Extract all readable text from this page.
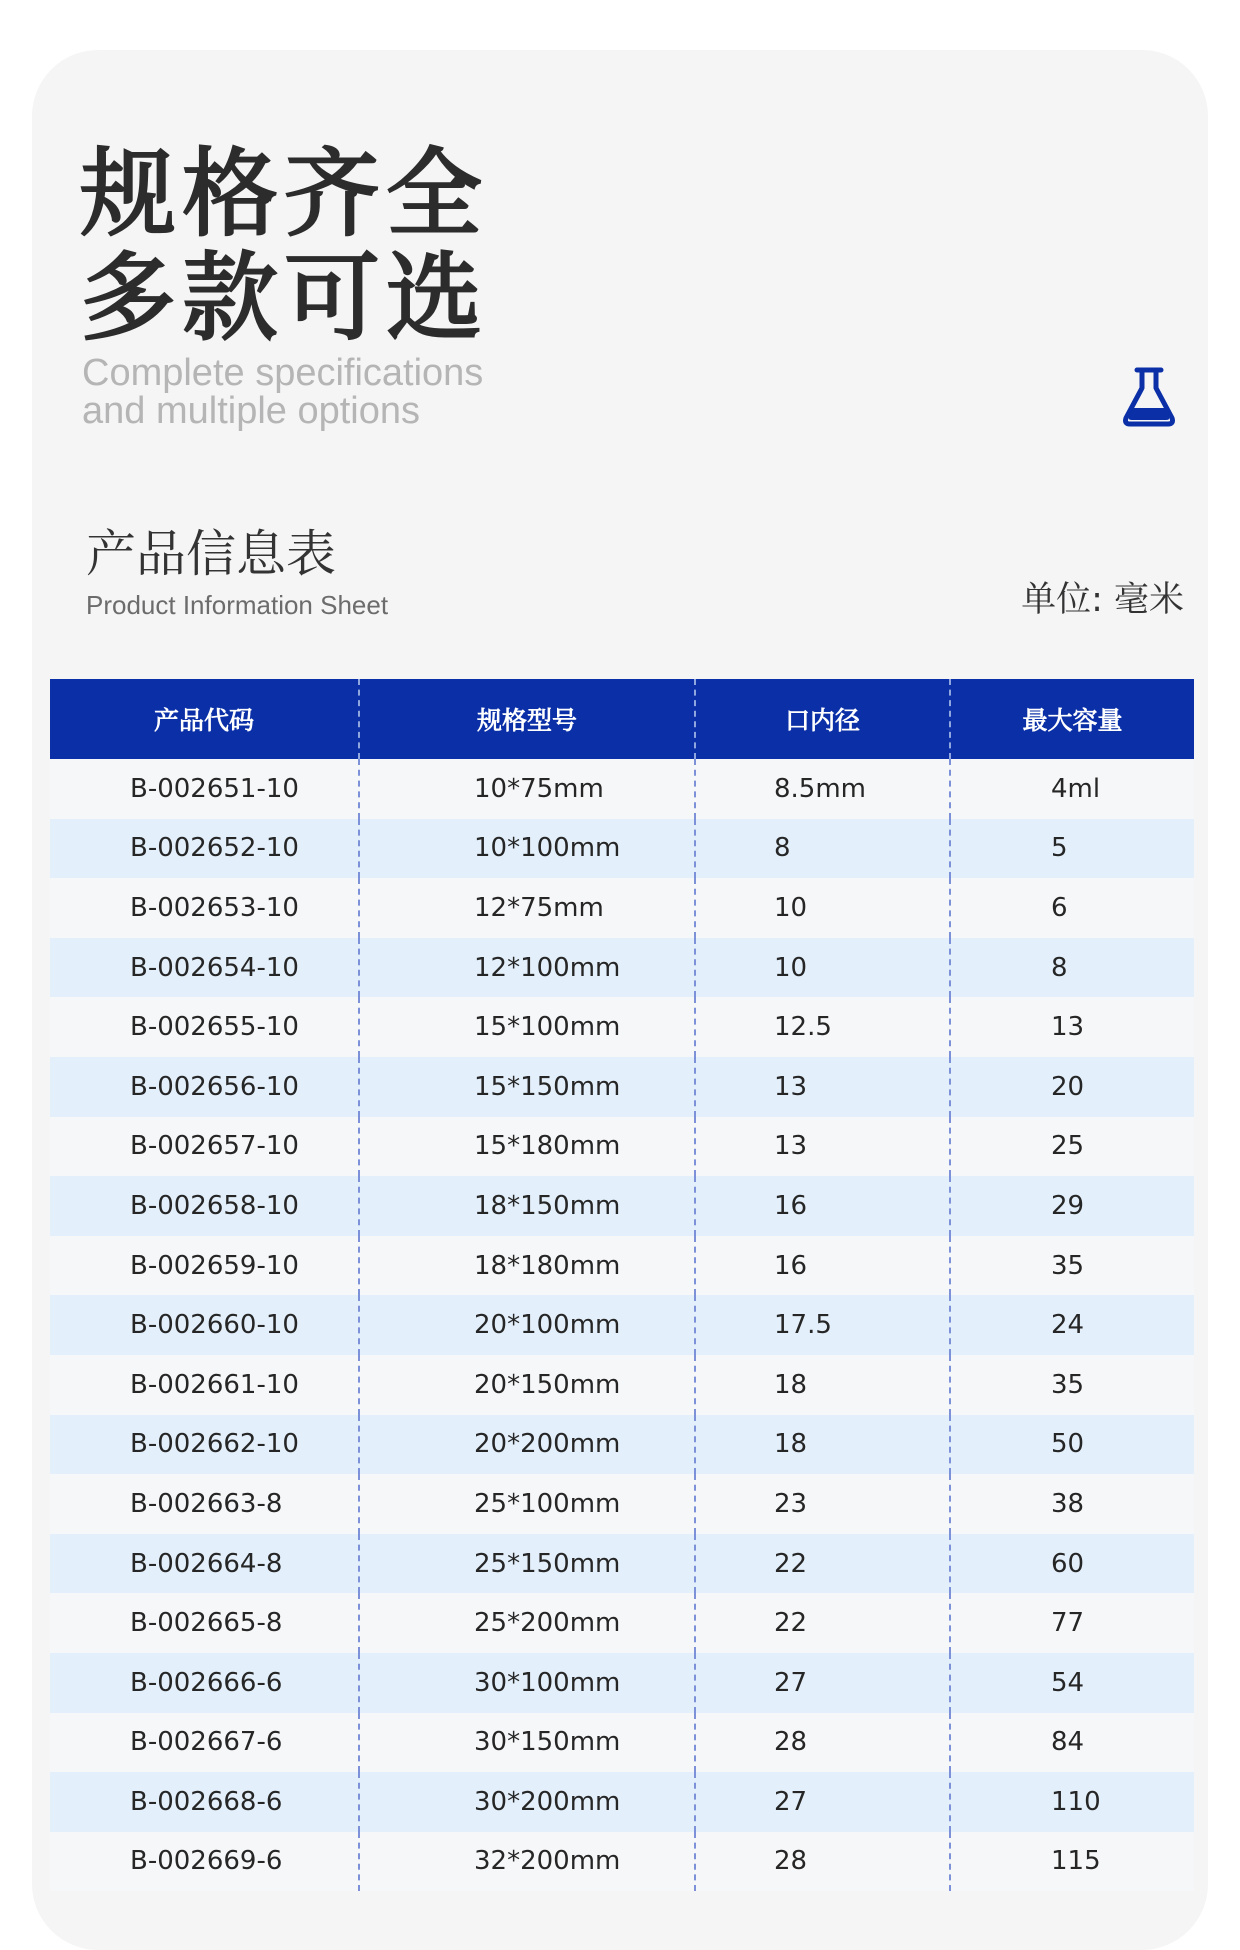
规格齐全
多款可选

Complete specifications
and multiple options

产品信息表
Product Information Sheet	单位: 毫米
产品代码	规格型号	口内径	最大容量
B-002651-10	10*75mm	8.5mm	4ml
B-002652-10	10*100mm	8	5
B-002653-10	12*75mm	10	6
B-002654-10	12*100mm	10	8
B-002655-10	15*100mm	12.5	13
B-002656-10	15*150mm	13	20
B-002657-10	15*180mm	13	25
B-002658-10	18*150mm	16	29
B-002659-10	18*180mm	16	35
B-002660-10	20*100mm	17.5	24
B-002661-10	20*150mm	18	35
B-002662-10	20*200mm	18	50
B-002663-8	25*100mm	23	38
B-002664-8	25*150mm	22	60
B-002665-8	25*200mm	22	77
B-002666-6	30*100mm	27	54
B-002667-6	30*150mm	28	84
B-002668-6	30*200mm	27	110
B-002669-6	32*200mm	28	115
